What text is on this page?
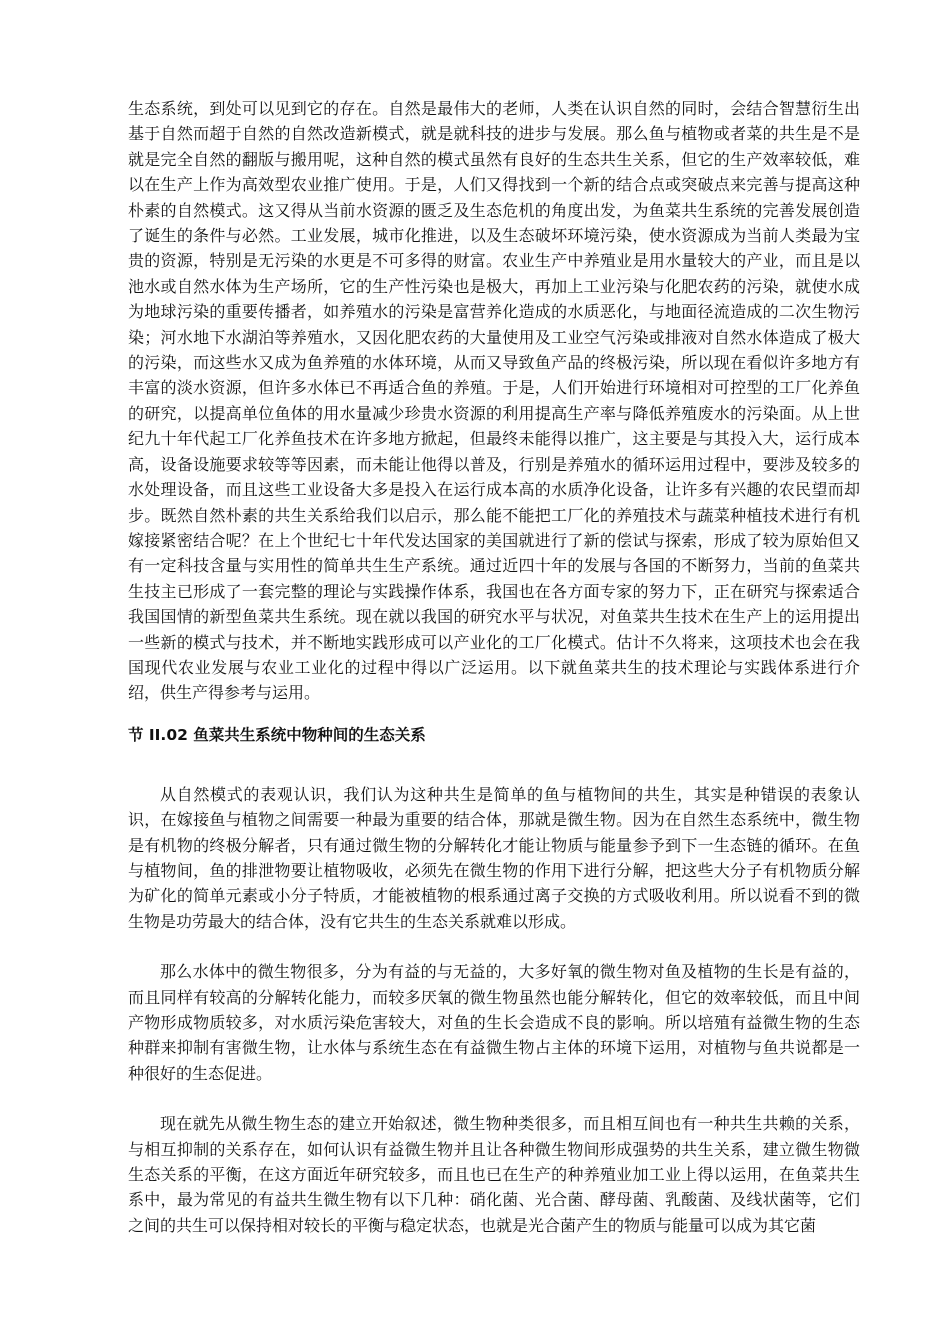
生态系统，到处可以见到它的存在。自然是最伟大的老师，人类在认识自然的同时，会结合智慧衍生出基于自然而超于自然的自然改造新模式，就是就科技的进步与发展。那么鱼与植物或者菜的共生是不是就是完全自然的翻版与搬用呢，这种自然的模式虽然有良好的生态共生关系，但它的生产效率较低，难以在生产上作为高效型农业推广使用。于是，人们又得找到一个新的结合点或突破点来完善与提高这种朴素的自然模式。这又得从当前水资源的匮乏及生态危机的角度出发，为鱼菜共生系统的完善发展创造了诞生的条件与必然。工业发展，城市化推进，以及生态破坏环境污染，使水资源成为当前人类最为宝贵的资源，特别是无污染的水更是不可多得的财富。农业生产中养殖业是用水量较大的产业，而且是以池水或自然水体为生产场所，它的生产性污染也是极大，再加上工业污染与化肥农药的污染，就使水成为地球污染的重要传播者，如养殖水的污染是富营养化造成的水质恶化，与地面径流造成的二次生物污染；河水地下水湖泊等养殖水，又因化肥农药的大量使用及工业空气污染或排液对自然水体造成了极大的污染，而这些水又成为鱼养殖的水体环境，从而又导致鱼产品的终极污染，所以现在看似许多地方有丰富的淡水资源，但许多水体已不再适合鱼的养殖。于是，人们开始进行环境相对可控型的工厂化养鱼的研究，以提高单位鱼体的用水量减少珍贵水资源的利用提高生产率与降低养殖废水的污染面。从上世纪九十年代起工厂化养鱼技术在许多地方掀起，但最终未能得以推广，这主要是与其投入大，运行成本高，设备设施要求较等等因素，而未能让他得以普及，行别是养殖水的循环运用过程中，要涉及较多的水处理设备，而且这些工业设备大多是投入在运行成本高的水质净化设备，让许多有兴趣的农民望而却步。既然自然朴素的共生关系给我们以启示，那么能不能把工厂化的养殖技术与蔬菜种植技术进行有机嫁接紧密结合呢？在上个世纪七十年代发达国家的美国就进行了新的偿试与探索，形成了较为原始但又有一定科技含量与实用性的简单共生生产系统。通过近四十年的发展与各国的不断努力，当前的鱼菜共生技主已形成了一套完整的理论与实践操作体系，我国也在各方面专家的努力下，正在研究与探索适合我国国情的新型鱼菜共生系统。现在就以我国的研究水平与状况，对鱼菜共生技术在生产上的运用提出一些新的模式与技术，并不断地实践形成可以产业化的工厂化模式。估计不久将来，这项技术也会在我国现代农业发展与农业工业化的过程中得以广泛运用。以下就鱼菜共生的技术理论与实践体系进行介绍，供生产得参考与运用。

节 II.02 鱼菜共生系统中物种间的生态关系

从自然模式的表观认识，我们认为这种共生是简单的鱼与植物间的共生，其实是种错误的表象认识，在嫁接鱼与植物之间需要一种最为重要的结合体，那就是微生物。因为在自然生态系统中，微生物是有机物的终极分解者，只有通过微生物的分解转化才能让物质与能量参予到下一生态链的循环。在鱼与植物间，鱼的排泄物要让植物吸收，必须先在微生物的作用下进行分解，把这些大分子有机物质分解为矿化的简单元素或小分子特质，才能被植物的根系通过离子交换的方式吸收利用。所以说看不到的微生物是功劳最大的结合体，没有它共生的生态关系就难以形成。

那么水体中的微生物很多，分为有益的与无益的，大多好氧的微生物对鱼及植物的生长是有益的，而且同样有较高的分解转化能力，而较多厌氧的微生物虽然也能分解转化，但它的效率较低，而且中间产物形成物质较多，对水质污染危害较大，对鱼的生长会造成不良的影响。所以培殖有益微生物的生态种群来抑制有害微生物，让水体与系统生态在有益微生物占主体的环境下运用，对植物与鱼共说都是一种很好的生态促进。

现在就先从微生物生态的建立开始叙述，微生物种类很多，而且相互间也有一种共生共赖的关系，与相互抑制的关系存在，如何认识有益微生物并且让各种微生物间形成强势的共生关系，建立微生物微生态关系的平衡，在这方面近年研究较多，而且也已在生产的种养殖业加工业上得以运用，在鱼菜共生系中，最为常见的有益共生微生物有以下几种：硝化菌、光合菌、酵母菌、乳酸菌、及线状菌等，它们之间的共生可以保持相对较长的平衡与稳定状态，也就是光合菌产生的物质与能量可以成为其它菌
